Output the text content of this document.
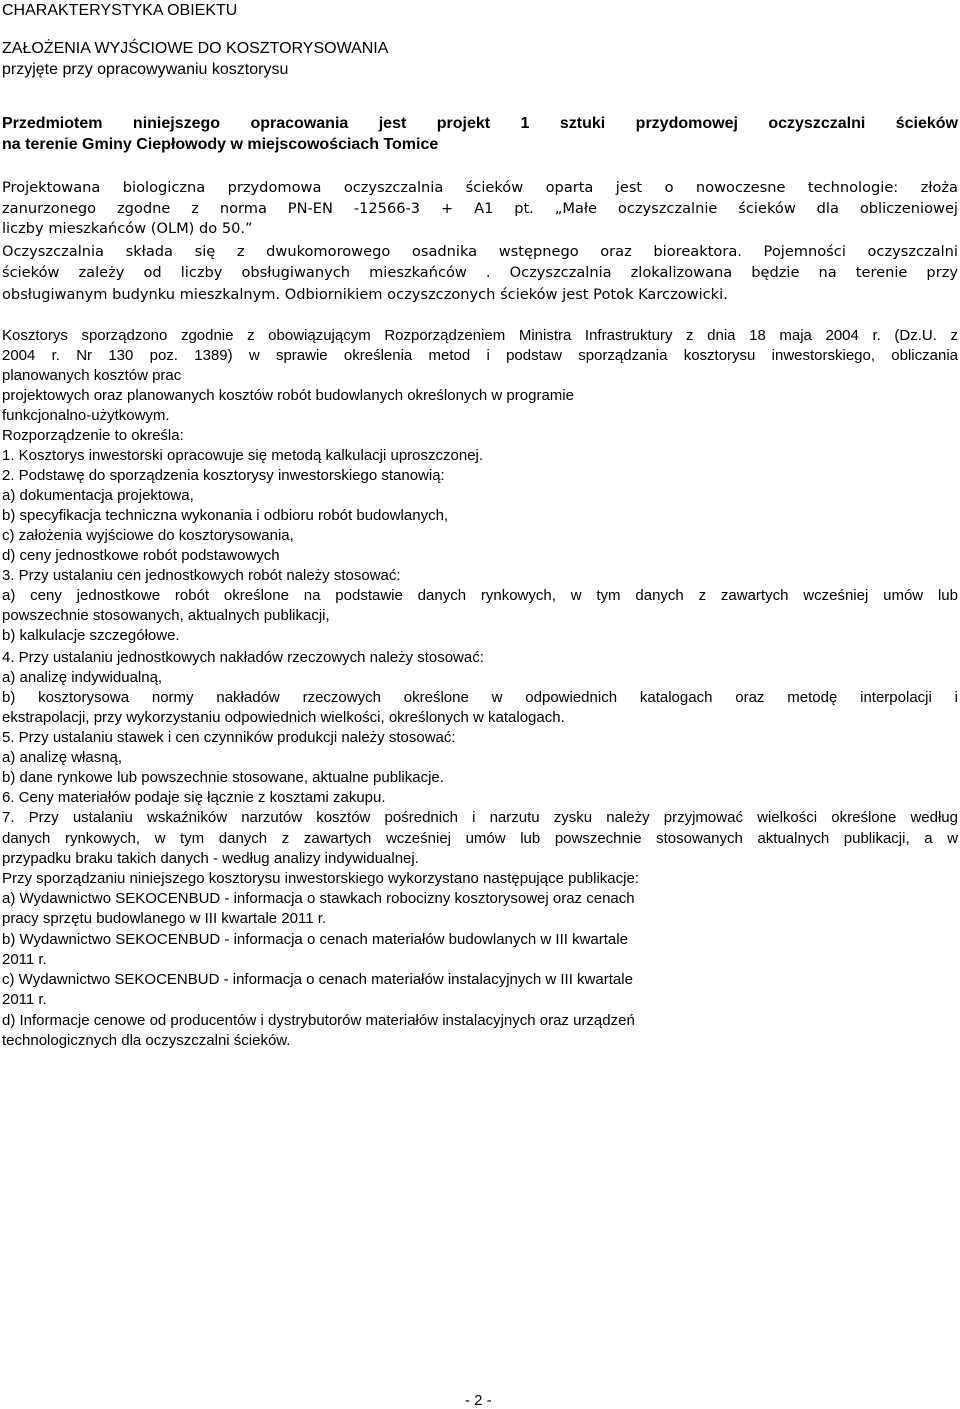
CHARAKTERYSTYKA OBIEKTU
ZAŁOŻENIA WYJŚCIOWE DO KOSZTORYSOWANIA
przyjęte przy opracowywaniu kosztorysu
Przedmiotem niniejszego opracowania jest projekt 1 sztuki przydomowej oczyszczalni ścieków
na terenie Gminy Ciepłowody w miejscowościach Tomice
Projektowana biologiczna przydomowa oczyszczalnia ścieków oparta jest o nowoczesne technologie: złoża
zanurzonego zgodne z norma PN-EN -12566-3 + A1 pt. „Małe oczyszczalnie ścieków dla obliczeniowej
liczby mieszkańców (OLM) do 50.”
Oczyszczalnia składa się z dwukomorowego osadnika wstępnego oraz bioreaktora. Pojemności oczyszczalni
ścieków zależy od liczby obsługiwanych mieszkańców . Oczyszczalnia zlokalizowana będzie na terenie przy
obsługiwanym budynku mieszkalnym. Odbiornikiem oczyszczonych ścieków jest Potok Karczowicki.
Kosztorys sporządzono zgodnie z obowiązującym Rozporządzeniem Ministra Infrastruktury z dnia 18 maja 2004 r. (Dz.U. z
2004 r. Nr 130 poz. 1389) w sprawie określenia metod i podstaw sporządzania kosztorysu inwestorskiego, obliczania
planowanych kosztów prac
projektowych oraz planowanych kosztów robót budowlanych określonych w programie
funkcjonalno-użytkowym.
Rozporządzenie to określa:
1. Kosztorys inwestorski opracowuje się metodą kalkulacji uproszczonej.
2. Podstawę do sporządzenia kosztorysy inwestorskiego stanowią:
a) dokumentacja projektowa,
b) specyfikacja techniczna wykonania i odbioru robót budowlanych,
c) założenia wyjściowe do kosztorysowania,
d) ceny jednostkowe robót podstawowych
3. Przy ustalaniu cen jednostkowych robót należy stosować:
a) ceny jednostkowe robót określone na podstawie danych rynkowych, w tym danych z zawartych wcześniej umów lub
powszechnie stosowanych, aktualnych publikacji,
b) kalkulacje szczegółowe.
4. Przy ustalaniu jednostkowych nakładów rzeczowych należy stosować:
a) analizę indywidualną,
b) kosztorysowa normy nakładów rzeczowych określone w odpowiednich katalogach oraz metodę interpolacji i
ekstrapolacji, przy wykorzystaniu odpowiednich wielkości, określonych w katalogach.
5. Przy ustalaniu stawek i cen czynników produkcji należy stosować:
a) analizę własną,
b) dane rynkowe lub powszechnie stosowane, aktualne publikacje.
6. Ceny materiałów podaje się łącznie z kosztami zakupu.
7. Przy ustalaniu wskaźników narzutów kosztów pośrednich i narzutu zysku należy przyjmować wielkości określone według
danych rynkowych, w tym danych z zawartych wcześniej umów lub powszechnie stosowanych aktualnych publikacji, a w
przypadku braku takich danych - według analizy indywidualnej.
Przy sporządzaniu niniejszego kosztorysu inwestorskiego wykorzystano następujące publikacje:
a) Wydawnictwo SEKOCENBUD - informacja o stawkach robocizny kosztorysowej oraz cenach
pracy sprzętu budowlanego w III kwartale 2011 r.
b) Wydawnictwo SEKOCENBUD - informacja o cenach materiałów budowlanych w III kwartale
2011 r.
c) Wydawnictwo SEKOCENBUD - informacja o cenach materiałów instalacyjnych w III kwartale
2011 r.
d) Informacje cenowe od producentów i dystrybutorów materiałów instalacyjnych oraz urządzeń
technologicznych dla oczyszczalni ścieków.
- 2 -
